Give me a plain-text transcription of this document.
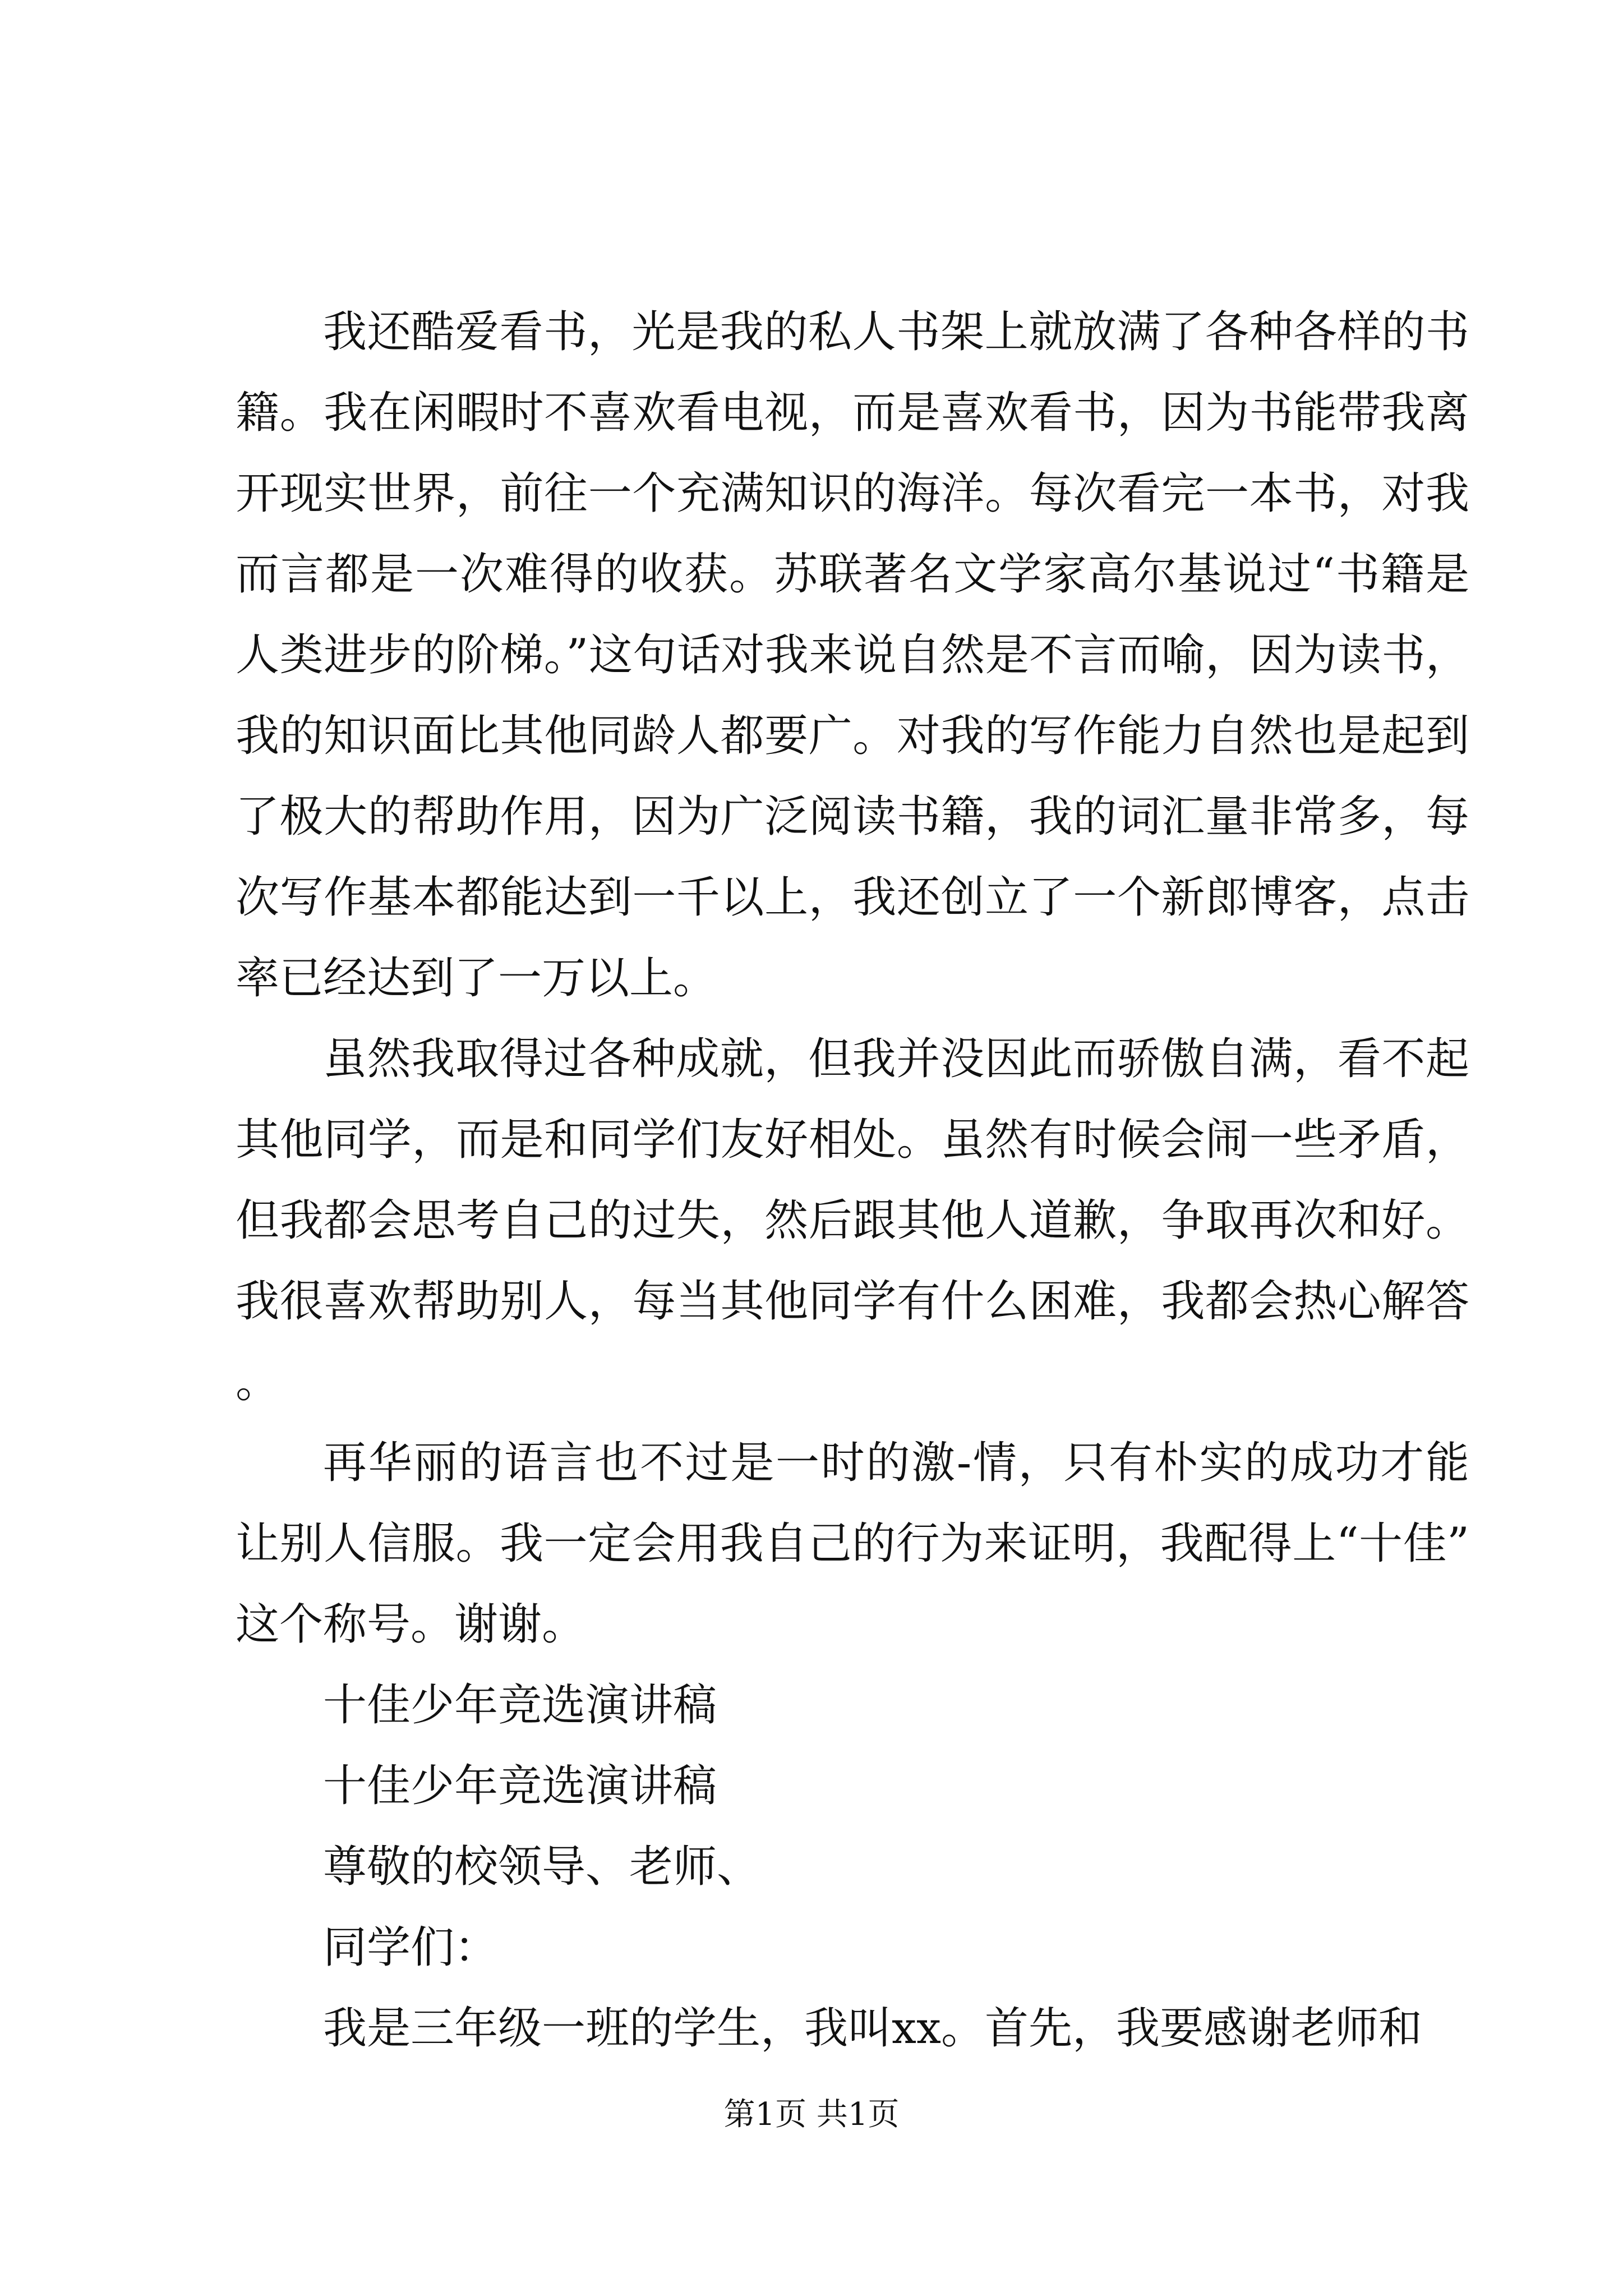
我还酷爱看书，光是我的私人书架上就放满了各种各样的书籍。我在闲暇时不喜欢看电视，而是喜欢看书，因为书能带我离开现实世界，前往一个充满知识的海洋。每次看完一本书，对我而言都是一次难得的收获。苏联著名文学家高尔基说过“书籍是人类进步的阶梯。”这句话对我来说自然是不言而喻，因为读书，我的知识面比其他同龄人都要广。对我的写作能力自然也是起到了极大的帮助作用，因为广泛阅读书籍，我的词汇量非常多，每次写作基本都能达到一千以上，我还创立了一个新郎博客，点击率已经达到了一万以上。

虽然我取得过各种成就，但我并没因此而骄傲自满，看不起其他同学，而是和同学们友好相处。虽然有时候会闹一些矛盾，但我都会思考自己的过失，然后跟其他人道歉，争取再次和好。我很喜欢帮助别人，每当其他同学有什么困难，我都会热心解答。

再华丽的语言也不过是一时的激-情，只有朴实的成功才能让别人信服。我一定会用我自己的行为来证明，我配得上“十佳”这个称号。谢谢。

十佳少年竞选演讲稿

十佳少年竞选演讲稿

尊敬的校领导、老师、

同学们：

我是三年级一班的学生，我叫xx。首先，我要感谢老师和

第1页 共1页
